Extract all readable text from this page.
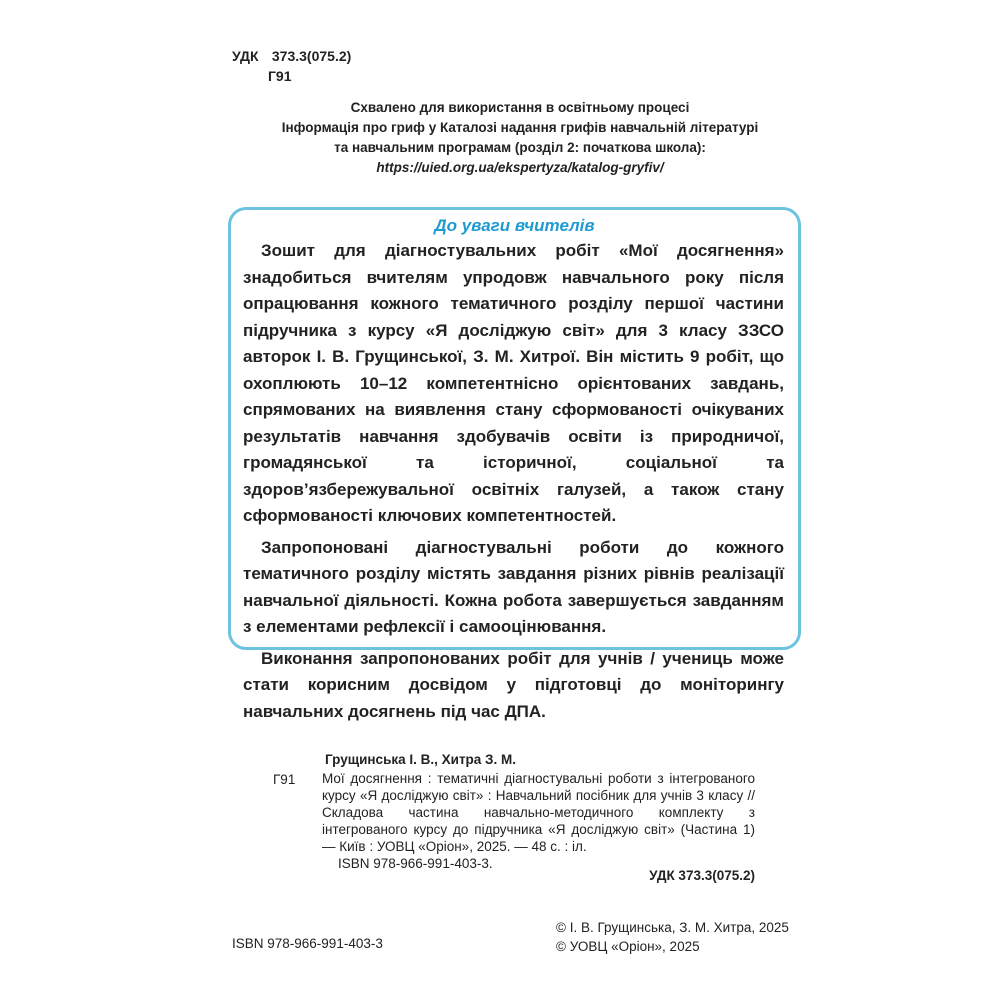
УДК 373.3(075.2)
Г91
Схвалено для використання в освітньому процесі
Інформація про гриф у Каталозі надання грифів навчальній літературі
та навчальним програмам (розділ 2: початкова школа):
https://uied.org.ua/ekspertyza/katalog-gryfiv/
До уваги вчителів

Зошит для діагностувальних робіт «Мої досягнення» знадобиться вчителям упродовж навчального року після опрацювання кожного тематичного розділу першої частини підручника з курсу «Я досліджую світ» для 3 класу ЗЗСО авторок І. В. Грущинської, З. М. Хитрої. Він містить 9 робіт, що охоплюють 10–12 компетентнісно орієнтованих завдань, спрямованих на виявлення стану сформованості очікуваних результатів навчання здобувачів освіти із природничої, громадянської та історичної, соціальної та здоров’язбережувальної освітніх галузей, а також стану сформованості ключових компетентностей.

Запропоновані діагностувальні роботи до кожного тематичного розділу містять завдання різних рівнів реалізації навчальної діяльності. Кожна робота завершується завданням з елементами рефлексії і самооцінювання.

Виконання запропонованих робіт для учнів / учениць може стати корисним досвідом у підготовці до моніторингу навчальних досягнень під час ДПА.

Грущинська І. В., Хитра З. М.
Г91 Мої досягнення : тематичні діагностувальні роботи з інтегрованого курсу «Я досліджую світ» : Навчальний посібник для учнів 3 класу // Складова частина навчально-методичного комплекту з інтегрованого курсу до підручника «Я досліджую світ» (Частина 1) — Київ : УОВЦ «Оріон», 2025. — 48 с. : іл.
ISBN 978-966-991-403-3.
УДК 373.3(075.2)
© І. В. Грущинська, З. М. Хитра, 2025
© УОВЦ «Оріон», 2025
ISBN 978-966-991-403-3
